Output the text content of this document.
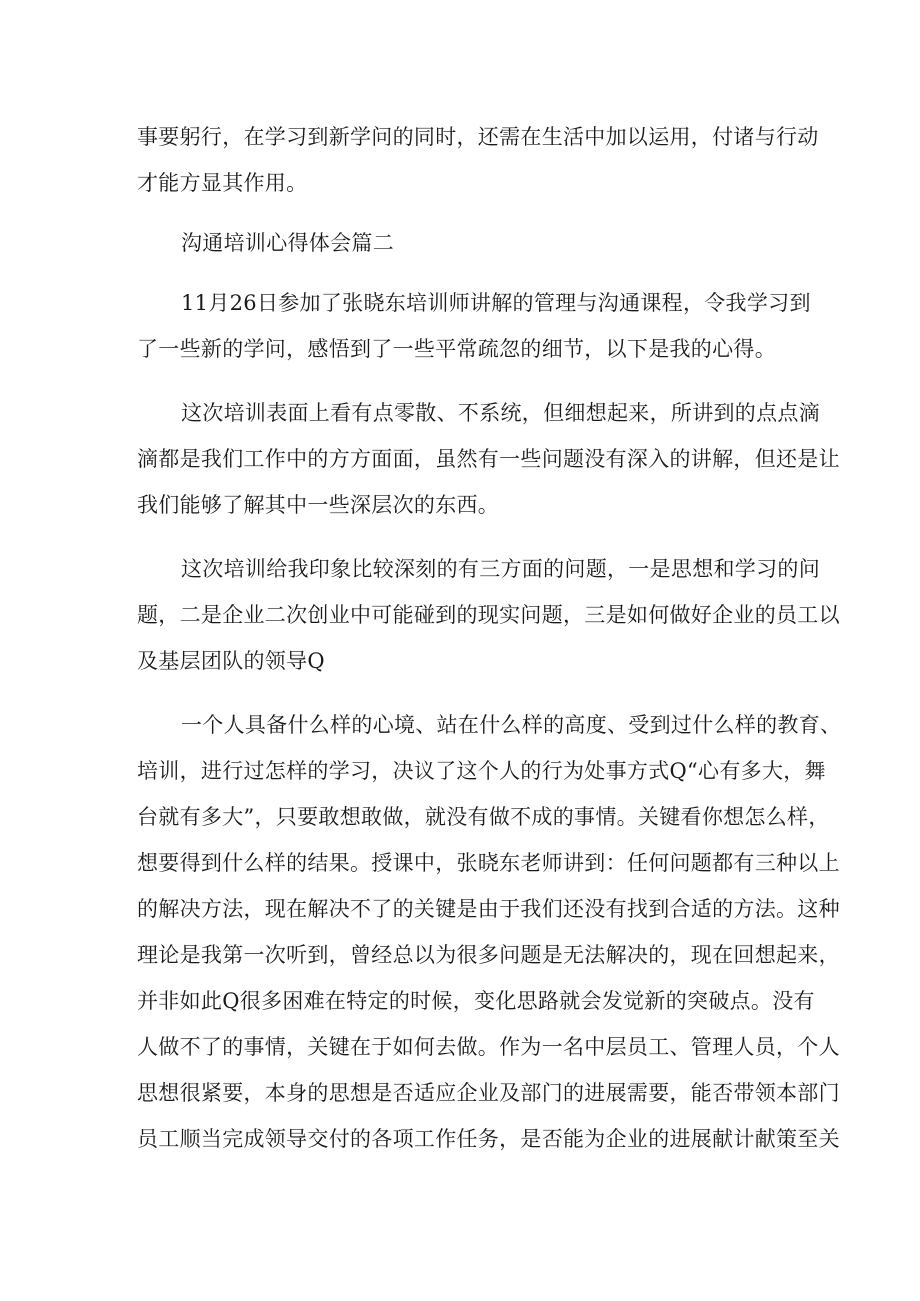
事要躬行，在学习到新学问的同时，还需在生活中加以运用，付诸与行动
才能方显其作用。
沟通培训心得体会篇二
11月26日参加了张晓东培训师讲解的管理与沟通课程，令我学习到
了一些新的学问，感悟到了一些平常疏忽的细节，以下是我的心得。
这次培训表面上看有点零散、不系统，但细想起来，所讲到的点点滴
滴都是我们工作中的方方面面，虽然有一些问题没有深入的讲解，但还是让
我们能够了解其中一些深层次的东西。
这次培训给我印象比较深刻的有三方面的问题，一是思想和学习的问
题，二是企业二次创业中可能碰到的现实问题，三是如何做好企业的员工以
及基层团队的领导Q
一个人具备什么样的心境、站在什么样的高度、受到过什么样的教育、
培训，进行过怎样的学习，决议了这个人的行为处事方式Q“心有多大，舞
台就有多大”，只要敢想敢做，就没有做不成的事情。关键看你想怎么样，
想要得到什么样的结果。授课中，张晓东老师讲到：任何问题都有三种以上
的解决方法，现在解决不了的关键是由于我们还没有找到合适的方法。这种
理论是我第一次听到，曾经总以为很多问题是无法解决的，现在回想起来，
并非如此Q很多困难在特定的时候，变化思路就会发觉新的突破点。没有
人做不了的事情，关键在于如何去做。作为一名中层员工、管理人员，个人
思想很紧要，本身的思想是否适应企业及部门的进展需要，能否带领本部门
员工顺当完成领导交付的各项工作任务，是否能为企业的进展献计献策至关
